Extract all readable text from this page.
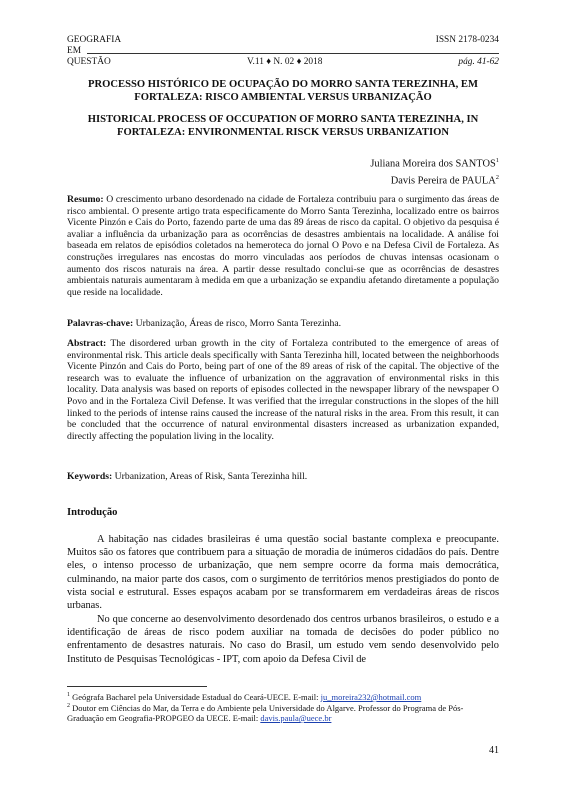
GEOGRAFIA
EM
QUESTÃO
ISSN 2178-0234
V.11 ♦ N. 02 ♦ 2018	pág. 41-62
PROCESSO HISTÓRICO DE OCUPAÇÃO DO MORRO SANTA TEREZINHA, EM FORTALEZA: RISCO AMBIENTAL VERSUS URBANIZAÇÃO
HISTORICAL PROCESS OF OCCUPATION OF MORRO SANTA TEREZINHA, IN FORTALEZA: ENVIRONMENTAL RISCK VERSUS URBANIZATION
Juliana Moreira dos SANTOS$^1$
Davis Pereira de PAULA$^2$
Resumo: O crescimento urbano desordenado na cidade de Fortaleza contribuiu para o surgimento das áreas de risco ambiental. O presente artigo trata especificamente do Morro Santa Terezinha, localizado entre os bairros Vicente Pinzón e Cais do Porto, fazendo parte de uma das 89 áreas de risco da capital. O objetivo da pesquisa é avaliar a influência da urbanização para as ocorrências de desastres ambientais na localidade. A análise foi baseada em relatos de episódios coletados na hemeroteca do jornal O Povo e na Defesa Civil de Fortaleza. As construções irregulares nas encostas do morro vinculadas aos períodos de chuvas intensas ocasionam o aumento dos riscos naturais na área. A partir desse resultado conclui-se que as ocorrências de desastres ambientais naturais aumentaram à medida em que a urbanização se expandiu afetando diretamente a população que reside na localidade.
Palavras-chave: Urbanização, Áreas de risco, Morro Santa Terezinha.
Abstract: The disordered urban growth in the city of Fortaleza contributed to the emergence of areas of environmental risk. This article deals specifically with Santa Terezinha hill, located between the neighborhoods Vicente Pinzón and Cais do Porto, being part of one of the 89 areas of risk of the capital. The objective of the research was to evaluate the influence of urbanization on the aggravation of environmental risks in this locality. Data analysis was based on reports of episodes collected in the newspaper library of the newspaper O Povo and in the Fortaleza Civil Defense. It was verified that the irregular constructions in the slopes of the hill linked to the periods of intense rains caused the increase of the natural risks in the area. From this result, it can be concluded that the occurrence of natural environmental disasters increased as urbanization expanded, directly affecting the population living in the locality.
Keywords: Urbanization, Areas of Risk, Santa Terezinha hill.
Introdução
A habitação nas cidades brasileiras é uma questão social bastante complexa e preocupante. Muitos são os fatores que contribuem para a situação de moradia de inúmeros cidadãos do país. Dentre eles, o intenso processo de urbanização, que nem sempre ocorre da forma mais democrática, culminando, na maior parte dos casos, com o surgimento de territórios menos prestigiados do ponto de vista social e estrutural. Esses espaços acabam por se transformarem em verdadeiras áreas de riscos urbanas.
No que concerne ao desenvolvimento desordenado dos centros urbanos brasileiros, o estudo e a identificação de áreas de risco podem auxiliar na tomada de decisões do poder público no enfrentamento de desastres naturais. No caso do Brasil, um estudo vem sendo desenvolvido pelo Instituto de Pesquisas Tecnológicas - IPT, com apoio da Defesa Civil de
$^1$ Geógrafa Bacharel pela Universidade Estadual do Ceará-UECE. E-mail: ju_moreira232@hotmail.com
$^2$ Doutor em Ciências do Mar, da Terra e do Ambiente pela Universidade do Algarve. Professor do Programa de Pós-Graduação em Geografia-PROPGEO da UECE. E-mail: davis.paula@uece.br
41
